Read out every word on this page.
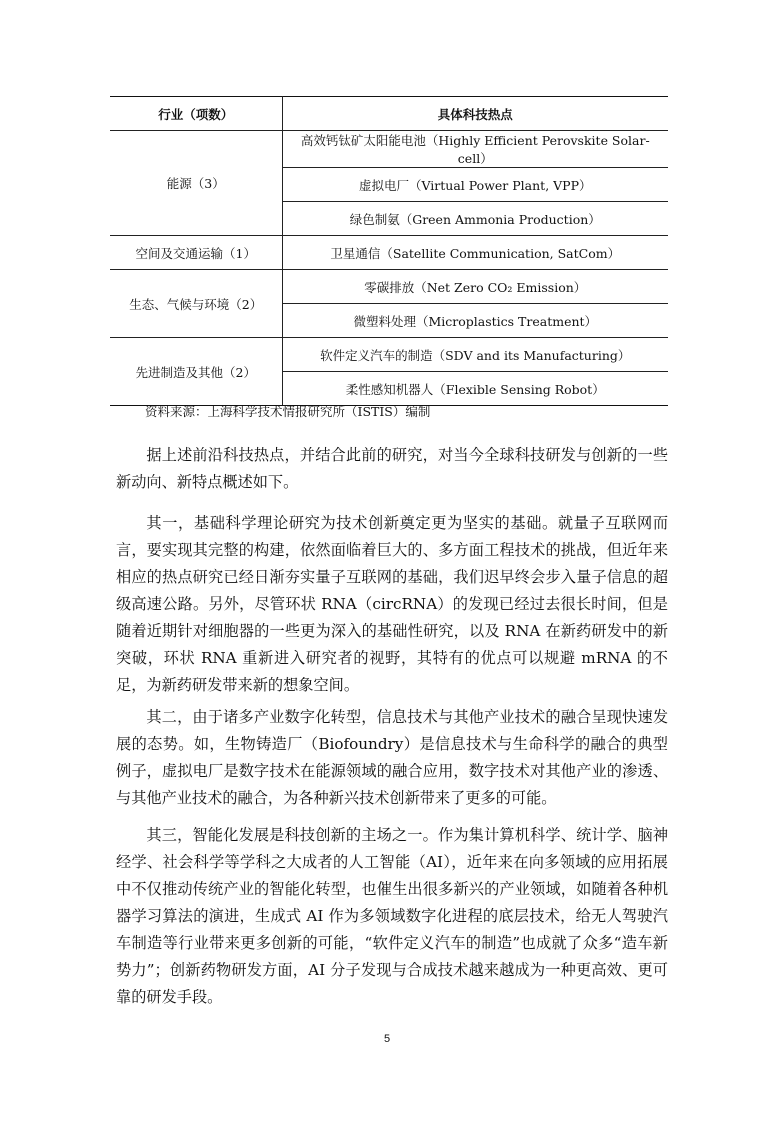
行业（项数）	具体科技热点
能源（3）	高效钙钛矿太阳能电池（Highly Efficient Perovskite Solar-cell）
	虚拟电厂（Virtual Power Plant, VPP）
	绿色制氨（Green Ammonia Production）
空间及交通运输（1）	卫星通信（Satellite Communication, SatCom）
生态、气候与环境（2）	零碳排放（Net Zero CO₂ Emission）
	微塑料处理（Microplastics Treatment）
先进制造及其他（2）	软件定义汽车的制造（SDV and its Manufacturing）
	柔性感知机器人（Flexible Sensing Robot）
资料来源：上海科学技术情报研究所（ISTIS）编制

据上述前沿科技热点，并结合此前的研究，对当今全球科技研发与创新的一些新动向、新特点概述如下。

其一，基础科学理论研究为技术创新奠定更为坚实的基础。就量子互联网而言，要实现其完整的构建，依然面临着巨大的、多方面工程技术的挑战，但近年来相应的热点研究已经日渐夯实量子互联网的基础，我们迟早终会步入量子信息的超级高速公路。另外，尽管环状 RNA（circRNA）的发现已经过去很长时间，但是随着近期针对细胞器的一些更为深入的基础性研究，以及 RNA 在新药研发中的新突破，环状 RNA 重新进入研究者的视野，其特有的优点可以规避 mRNA 的不足，为新药研发带来新的想象空间。

其二，由于诸多产业数字化转型，信息技术与其他产业技术的融合呈现快速发展的态势。如，生物铸造厂（Biofoundry）是信息技术与生命科学的融合的典型例子，虚拟电厂是数字技术在能源领域的融合应用，数字技术对其他产业的渗透、与其他产业技术的融合，为各种新兴技术创新带来了更多的可能。

其三，智能化发展是科技创新的主场之一。作为集计算机科学、统计学、脑神经学、社会科学等学科之大成者的人工智能（AI），近年来在向多领域的应用拓展中不仅推动传统产业的智能化转型，也催生出很多新兴的产业领域，如随着各种机器学习算法的演进，生成式 AI 作为多领域数字化进程的底层技术，给无人驾驶汽车制造等行业带来更多创新的可能，“软件定义汽车的制造”也成就了众多“造车新势力”；创新药物研发方面，AI 分子发现与合成技术越来越成为一种更高效、更可靠的研发手段。

5
